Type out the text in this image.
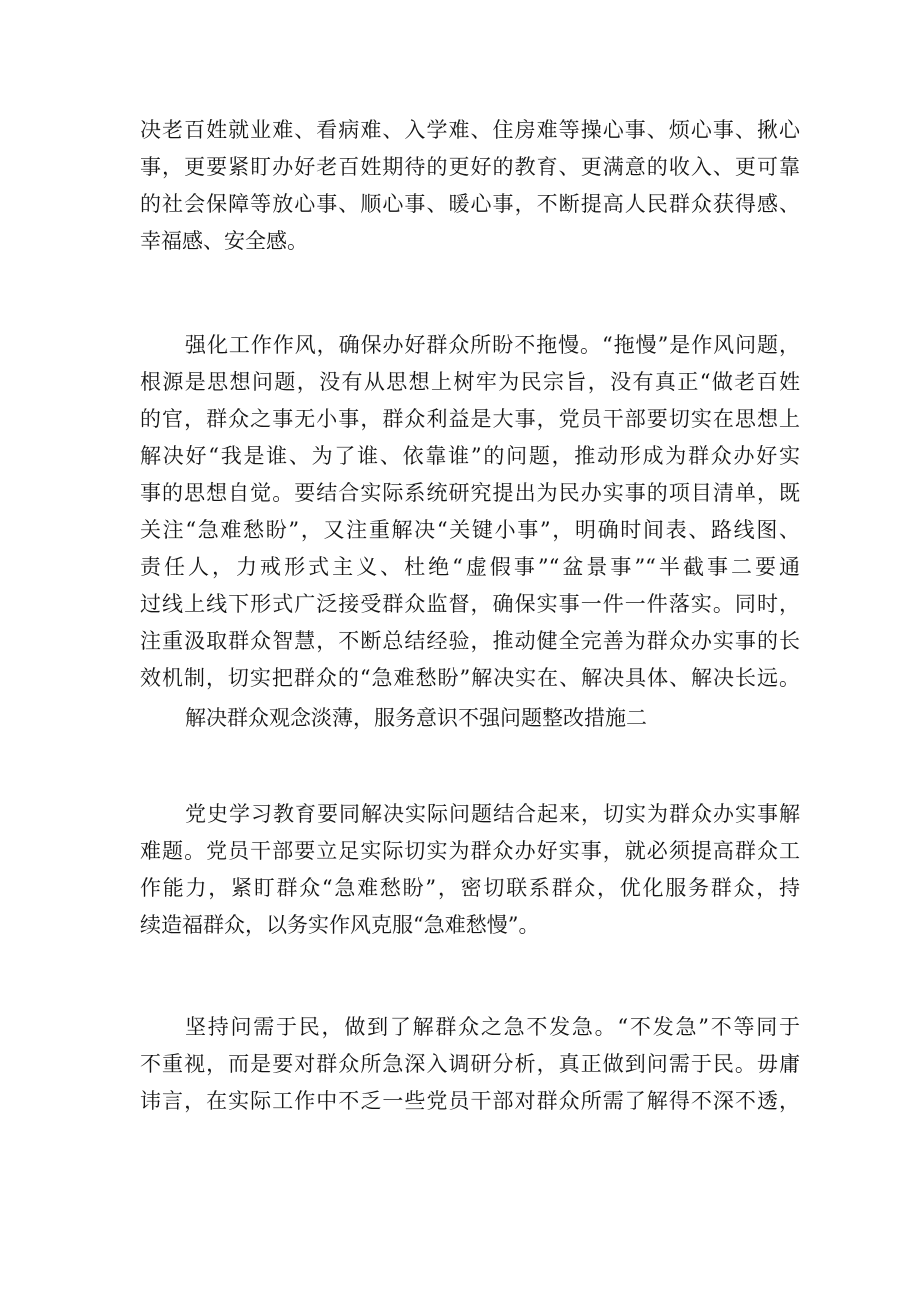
决老百姓就业难、看病难、入学难、住房难等操心事、烦心事、揪心
事，更要紧盯办好老百姓期待的更好的教育、更满意的收入、更可靠
的社会保障等放心事、顺心事、暖心事，不断提高人民群众获得感、
幸福感、安全感。
强化工作作风，确保办好群众所盼不拖慢。“拖慢”是作风问题，
根源是思想问题，没有从思想上树牢为民宗旨，没有真正“做老百姓
的官，群众之事无小事，群众利益是大事，党员干部要切实在思想上
解决好“我是谁、为了谁、依靠谁”的问题，推动形成为群众办好实
事的思想自觉。要结合实际系统研究提出为民办实事的项目清单，既
关注“急难愁盼”，又注重解决“关键小事”，明确时间表、路线图、
责任人，力戒形式主义、杜绝“虚假事”“盆景事”“半截事二要通
过线上线下形式广泛接受群众监督，确保实事一件一件落实。同时，
注重汲取群众智慧，不断总结经验，推动健全完善为群众办实事的长
效机制，切实把群众的“急难愁盼”解决实在、解决具体、解决长远。
解决群众观念淡薄，服务意识不强问题整改措施二
党史学习教育要同解决实际问题结合起来，切实为群众办实事解
难题。党员干部要立足实际切实为群众办好实事，就必须提高群众工
作能力，紧盯群众“急难愁盼”，密切联系群众，优化服务群众，持
续造福群众，以务实作风克服“急难愁慢”。
坚持问需于民，做到了解群众之急不发急。“不发急”不等同于
不重视，而是要对群众所急深入调研分析，真正做到问需于民。毋庸
讳言，在实际工作中不乏一些党员干部对群众所需了解得不深不透，
